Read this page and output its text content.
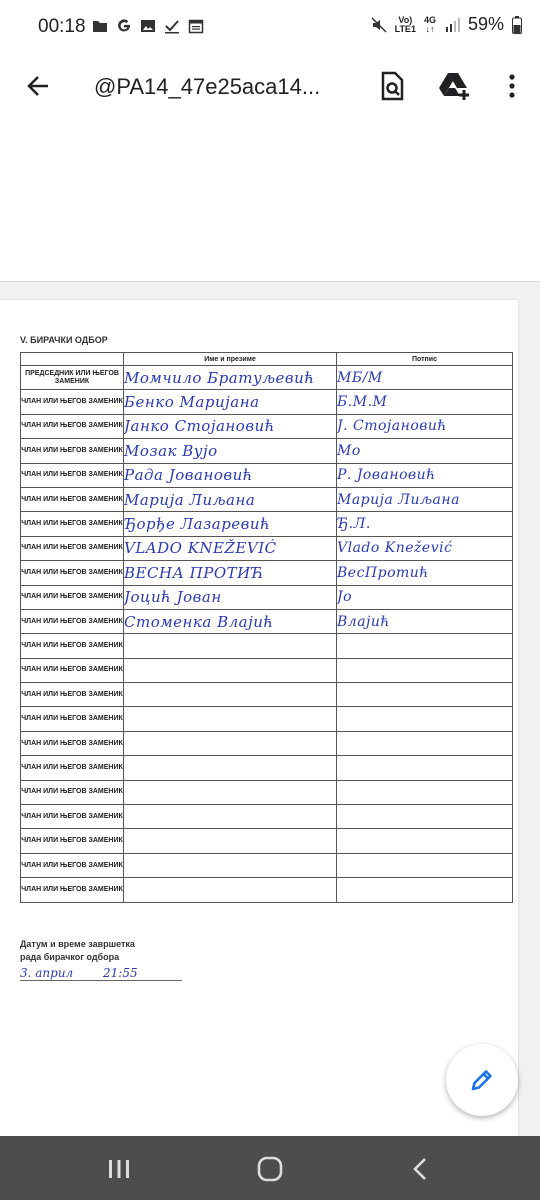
00:18	Vo)
LTE1
4G
↓↑ 59%
@PA14_47e25aca14...
V. БИРАЧКИ ОДБОР
	Име и презиме	Потпис
ПРЕДСЕДНИК ИЛИ ЊЕГОВ ЗАМЕНИК	Момчило Братуљевић	МБ/М
ЧЛАН ИЛИ ЊЕГОВ ЗАМЕНИК	Бенко Маријана	Б.М.М
ЧЛАН ИЛИ ЊЕГОВ ЗАМЕНИК	Јанко Стојановић	Ј. Стојановић
ЧЛАН ИЛИ ЊЕГОВ ЗАМЕНИК	Мозак Вујо	Мо
ЧЛАН ИЛИ ЊЕГОВ ЗАМЕНИК	Рада Јовановић	Р. Јовановић
ЧЛАН ИЛИ ЊЕГОВ ЗАМЕНИК	Марија Лиљана	Марија Лиљана
ЧЛАН ИЛИ ЊЕГОВ ЗАМЕНИК	Ђорђе Лазаревић	Ђ.Л.
ЧЛАН ИЛИ ЊЕГОВ ЗАМЕНИК	VLADO KNEŽEVIĆ	Vlado Knežević
ЧЛАН ИЛИ ЊЕГОВ ЗАМЕНИК	ВЕСНА ПРОТИЋ	ВесПротић
ЧЛАН ИЛИ ЊЕГОВ ЗАМЕНИК	Јоцић Јован	Јо
ЧЛАН ИЛИ ЊЕГОВ ЗАМЕНИК	Стоменка Влајић	Влајић
ЧЛАН ИЛИ ЊЕГОВ ЗАМЕНИК		
ЧЛАН ИЛИ ЊЕГОВ ЗАМЕНИК		
ЧЛАН ИЛИ ЊЕГОВ ЗАМЕНИК		
ЧЛАН ИЛИ ЊЕГОВ ЗАМЕНИК		
ЧЛАН ИЛИ ЊЕГОВ ЗАМЕНИК		
ЧЛАН ИЛИ ЊЕГОВ ЗАМЕНИК		
ЧЛАН ИЛИ ЊЕГОВ ЗАМЕНИК		
ЧЛАН ИЛИ ЊЕГОВ ЗАМЕНИК		
ЧЛАН ИЛИ ЊЕГОВ ЗАМЕНИК		
ЧЛАН ИЛИ ЊЕГОВ ЗАМЕНИК		
ЧЛАН ИЛИ ЊЕГОВ ЗАМЕНИК		
Датум и време завршетка
рада бирачког одбора
3. април 21:55
